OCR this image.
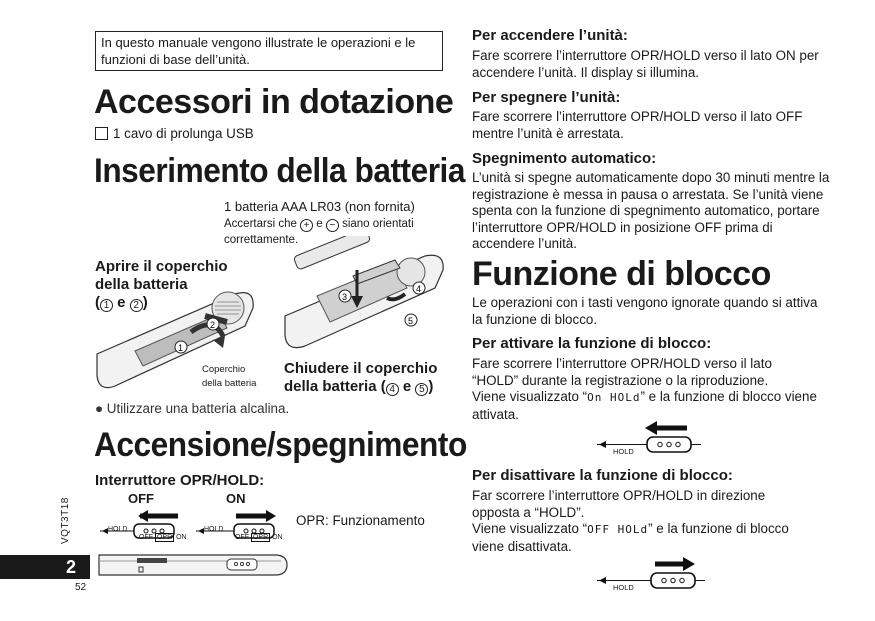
In questo manuale vengono illustrate le operazioni e le funzioni di base dell’unità.
Accessori in dotazione
1 cavo di prolunga USB
Inserimento della batteria
1 batteria AAA LR03 (non fornita)
Accertarsi che + e − siano orientati
correttamente.
Aprire il coperchio
della batteria
( 1 e 2 )
1
2
3
4
5
Coperchio
della batteria
Chiudere il coperchio
della batteria ( 4 e 5 )
● Utilizzare una batteria alcalina.
Accensione/spegnimento
Interruttore OPR/HOLD:
OFF	ON
HOLD
OFF OPR ON
HOLD
OFF OPR ON
OPR: Funzionamento
VQT3T18
2
52
Per accendere l’unità:
Fare scorrere l’interruttore OPR/HOLD verso il lato ON per accendere l’unità. Il display si illumina.
Per spegnere l’unità:
Fare scorrere l’interruttore OPR/HOLD verso il lato OFF mentre l’unità è arrestata.
Spegnimento automatico:
L’unità si spegne automaticamente dopo 30 minuti mentre la registrazione è messa in pausa o arrestata. Se l’unità viene spenta con la funzione di spegnimento automatico, portare l’interruttore OPR/HOLD in posizione OFF prima di accendere l’unità.
Funzione di blocco
Le operazioni con i tasti vengono ignorate quando si attiva la funzione di blocco.
Per attivare la funzione di blocco:
Fare scorrere l’interruttore OPR/HOLD verso il lato “HOLD” durante la registrazione o la riproduzione.
Viene visualizzato “On HOLd” e la funzione di blocco viene attivata.
HOLD
Per disattivare la funzione di blocco:
Far scorrere l’interruttore OPR/HOLD in direzione opposta a “HOLD”.
Viene visualizzato “OFF HOLd” e la funzione di blocco viene disattivata.
HOLD
